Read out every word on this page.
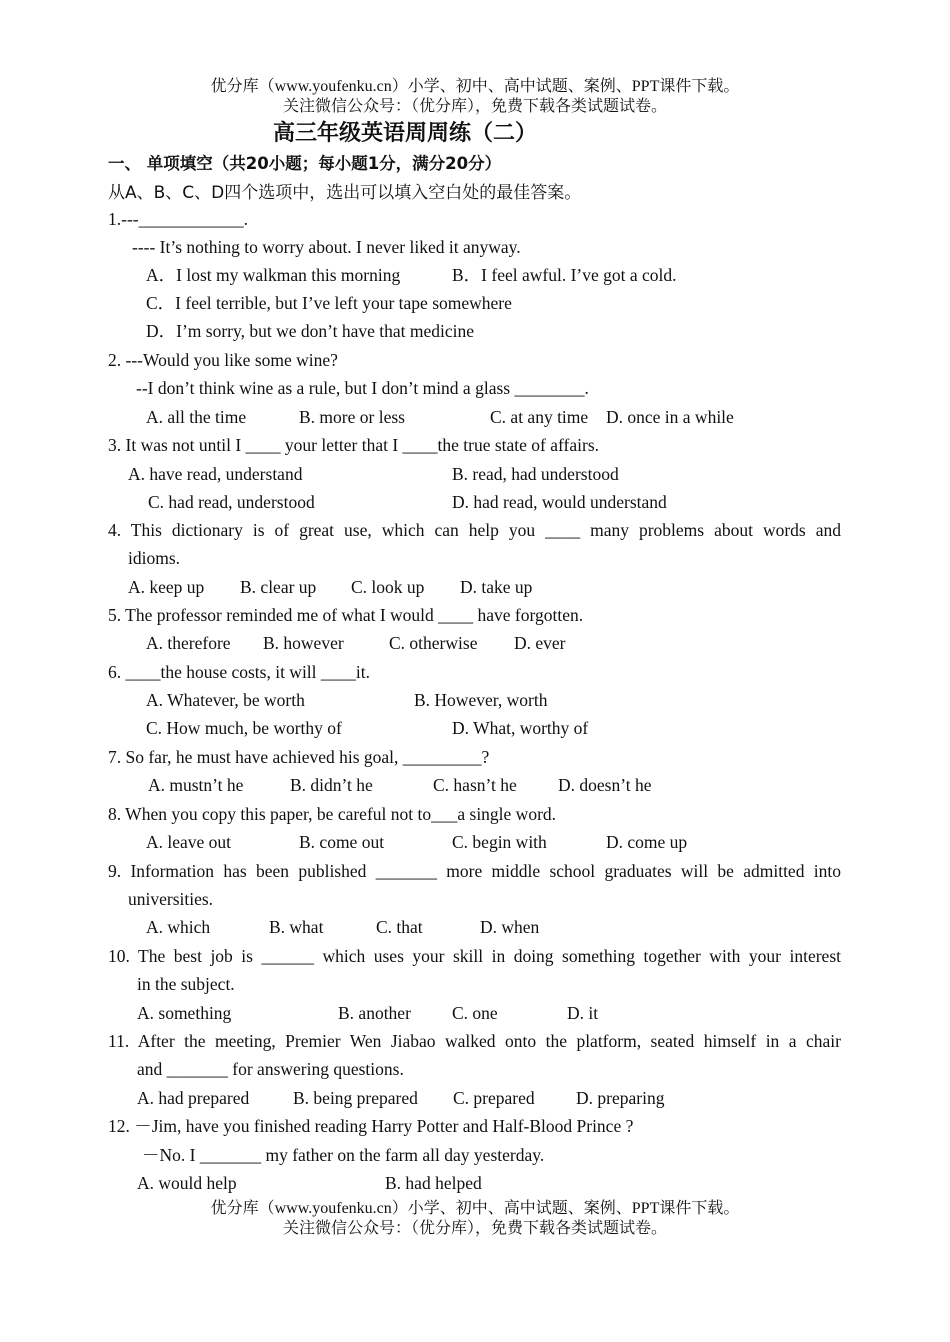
优分库（www.youfenku.cn）小学、初中、高中试题、案例、PPT课件下载。
关注微信公众号：（优分库），免费下载各类试题试卷。
高三年级英语周周练（二）
一、 单项填空（共20小题；每小题1分，满分20分）
从A、B、C、D四个选项中，选出可以填入空白处的最佳答案。
1.---____________.
---- It’s nothing to worry about. I never liked it anyway.
A．I lost my walkman this morning	B．I feel awful. I’ve got a cold.
C．I feel terrible, but I’ve left your tape somewhere
D．I’m sorry, but we don’t have that medicine
2. ---Would you like some wine?
--I don’t think wine as a rule, but I don’t mind a glass ________.
A. all the time	B. more or less	C. at any time D. once in a while
3. It was not until I ____ your letter that I ____the true state of affairs.
A. have read, understand	B. read, had understood
C. had read, understood	D. had read, would understand
4. This dictionary is of great use, which can help you ____ many problems about words and
idioms.
A. keep up B. clear up C. look up D. take up
5. The professor reminded me of what I would ____ have forgotten.
A. therefore B. however	C. otherwise D. ever
6. ____the house costs, it will ____it.
A. Whatever, be worth	B. However, worth
C. How much, be worthy of	D. What, worthy of
7. So far, he must have achieved his goal, _________?
A. mustn’t he	B. didn’t he	C. hasn’t he D. doesn’t he
8. When you copy this paper, be careful not to___a single word.
A. leave out	B. come out	C. begin with	D. come up
9. Information has been published _______ more middle school graduates will be admitted into
universities.
A. which	B. what	C. that	D. when
10. The best job is ______ which uses your skill in doing something together with your interest
in the subject.
A. something	B. another C. one	D. it
11. After the meeting, Premier Wen Jiabao walked onto the platform, seated himself in a chair
and _______ for answering questions.
A. had prepared	B. being prepared C. prepared D. preparing
12. －Jim, have you finished reading Harry Potter and Half-Blood Prince ?
－No. I _______ my father on the farm all day yesterday.
A. would help	B. had helped
优分库（www.youfenku.cn）小学、初中、高中试题、案例、PPT课件下载。
关注微信公众号：（优分库），免费下载各类试题试卷。
